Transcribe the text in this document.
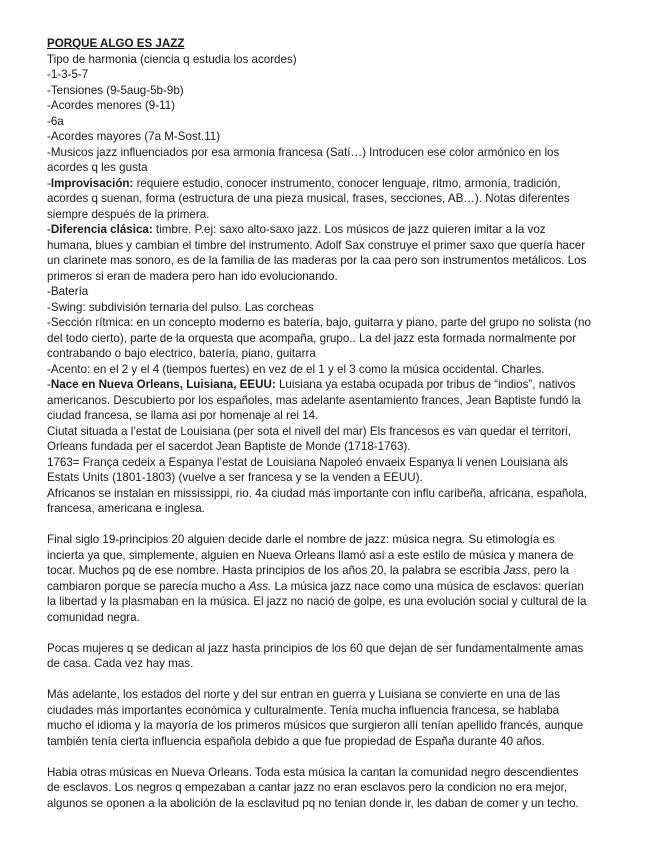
PORQUE ALGO ES JAZZ
Tipo de harmonia (ciencia q estudia los acordes)
-1-3-5-7
-Tensiones (9-5aug-5b-9b)
-Acordes menores (9-11)
-6a
-Acordes mayores (7a M-Sost.11)
-Musicos jazz influenciados por esa armonia francesa (Satí…) Introducen ese color armónico en los
acordes q les gusta
-Improvisación: requiere estudio, conocer instrumento, conocer lenguaje, ritmo, armonía, tradición,
acordes q suenan, forma (estructura de una pieza musical, frases, secciones, AB…). Notas diferentes
siempre después de la primera.
-Diferencia clásica: timbre. P.ej: saxo alto-saxo jazz. Los músicos de jazz quieren imitar a la voz
humana, blues y cambian el timbre del instrumento. Adolf Sax construye el primer saxo que quería hacer
un clarinete mas sonoro, es de la familia de las maderas por la caa pero son instrumentos metálicos. Los
primeros si eran de madera pero han ido evolucionando.
-Batería
-Swing: subdivisión ternaria del pulso. Las corcheas
-Sección rítmica: en un concepto moderno es batería, bajo, guitarra y piano, parte del grupo no solista (no
del todo cierto), parte de la orquesta que acompaña, grupo.. La del jazz esta formada normalmente por
contrabando o bajo electrico, batería, piano, guitarra
-Acento: en el 2 y el 4 (tiempos fuertes) en vez de el 1 y el 3 como la música occidental. Charles.
-Nace en Nueva Orleans, Luisiana, EEUU: Luisiana ya estaba ocupada por tribus de “indios”, nativos
americanos. Descubierto por los españoles, mas adelante asentamiento frances, Jean Baptiste fundó la
ciudad francesa, se llama asi por homenaje al rei 14.
Ciutat situada a l’estat de Louisiana (per sota el nivell del mar) Els francesos es van quedar el territori,
Orleans fundada per el sacerdot Jean Baptiste de Monde (1718-1763).
1763= França cedeix a Espanya l’estat de Louisiana Napoleó envaeix Espanya li venen Louisiana als
Estats Units (1801-1803) (vuelve a ser francesa y se la venden a EEUU).
Africanos se instalan en mississippi, rio. 4a ciudad más importante con influ caribeña, africana, española,
francesa, americana e inglesa.
Final siglo 19-principios 20 alguien decide darle el nombre de jazz: música negra. Su etimología es
incierta ya que, simplemente, alguien en Nueva Orleans llamó así a este estilo de música y manera de
tocar. Muchos pq de ese nombre. Hasta principios de los años 20, la palabra se escribía Jass, pero la
cambiaron porque se parecía mucho a Ass. La música jazz nace como una música de esclavos: querían
la libertad y la plasmaban en la música. El jazz no nació de golpe, es una evolución social y cultural de la
comunidad negra.
Pocas mujeres q se dedican al jazz hasta principios de los 60 que dejan de ser fundamentalmente amas
de casa. Cada vez hay mas.
Más adelante, los estados del norte y del sur entran en guerra y Luisiana se convierte en una de las
ciudades más importantes económica y culturalmente. Tenía mucha influencia francesa, se hablaba
mucho el idioma y la mayoría de los primeros músicos que surgieron allí tenían apellido francés, aunque
también tenía cierta influencia española debido a que fue propiedad de España durante 40 años.
Habia otras músicas en Nueva Orleans. Toda esta música la cantan la comunidad negro descendientes
de esclavos. Los negros q empezaban a cantar jazz no eran esclavos pero la condicion no era mejor,
algunos se oponen a la abolición de la esclavitud pq no tenian donde ir, les daban de comer y un techo.
